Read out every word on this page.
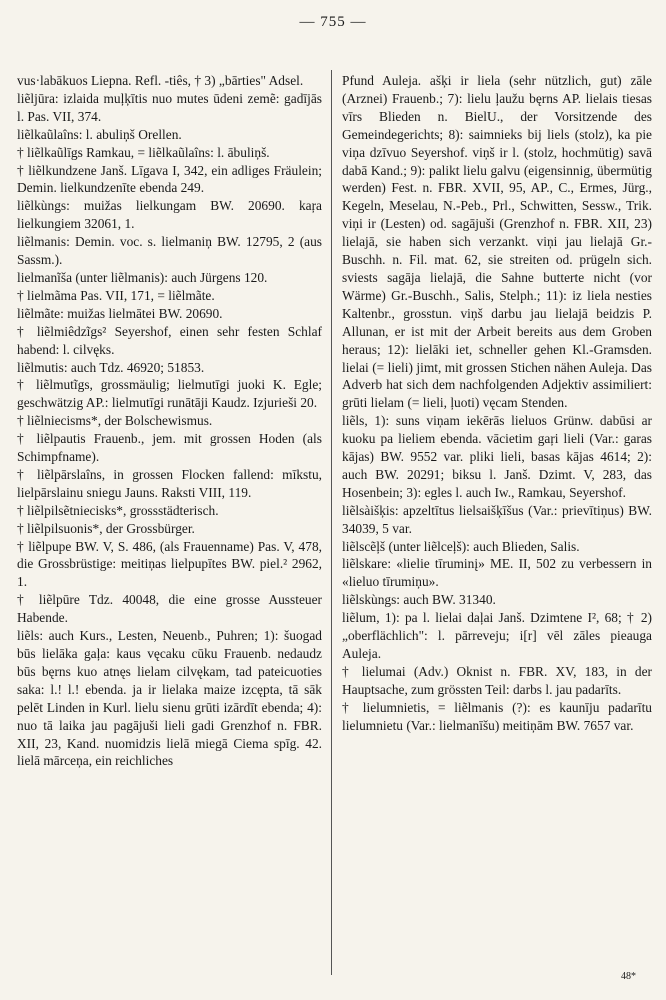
— 755 —

vus·labākuos Liepna. Refl. -tiês, † 3) „bārties" Adsel.

liẽljūra: izlaida muļķītis nuo mutes ūdeni zemẽ: gadījās l. Pas. VII, 374.

liẽlkaũlaîns: l. abuliņš Orellen.

† liẽlkaũlīgs Ramkau, = liẽlkaũlaîns: l. ābuliņš.

† liẽlkundzene Janš. Līgava I, 342, ein adliges Fräulein; Demin. lielkundzenīte ebenda 249.

liẽlkùngs: muižas lielkungam BW. 20690. kaŗa lielkungiem 32061, 1.

liẽlmanis: Demin. voc. s. lielmaniņ BW. 12795, 2 (aus Sassm.).

lielmanĩša (unter liẽlmanis): auch Jürgens 120.

† lielmãma Pas. VII, 171, = liẽlmãte.

liẽlmãte: muižas lielmātei BW. 20690.

† liẽlmiêdzĩgs² Seyershof, einen sehr festen Schlaf habend: l. cilvęks.

liẽlmutis: auch Tdz. 46920; 51853.

† liẽlmutĩgs, grossmäulig; lielmutīgi juoki K. Egle; geschwätzig AP.: lielmutīgi runātāji Kaudz. Izjurieši 20.

† liẽlniecisms*, der Bolschewismus.

† liẽlpautis Frauenb., jem. mit grossen Hoden (als Schimpfname).

† liẽlpārslaîns, in grossen Flocken fallend: mīkstu, lielpārslainu sniegu Jauns. Raksti VIII, 119.

† liẽlpilsẽtniecisks*, grossstädterisch.

† liẽlpilsuonis*, der Grossbürger.

† liẽlpupe BW. V, S. 486, (als Frauenname) Pas. V, 478, die Grossbrüstige: meitiņas lielpupītes BW. piel.² 2962, 1.

† liẽlpūre Tdz. 40048, die eine grosse Aussteuer Habende.

liẽls: auch Kurs., Lesten, Neuenb., Puhren; 1): šuogad būs lielāka gaļa: kaus vęcaku cūku Frauenb. nedaudz būs bęrns kuo atnęs lielam cilvękam, tad pateicuoties saka: l.! l.! ebenda. ja ir lielaka maize izcępta, tā sāk pelēt Linden in Kurl. lielu sienu grūti izārdīt ebenda; 4): nuo tā laika jau pagājuši lieli gadi Grenzhof n. FBR. XII, 23, Kand. nuomidzis lielā miegā Ciema spīg. 42. lielā mārceņa, ein reichliches

Pfund Auleja. ašķi ir liela (sehr nützlich, gut) zāle (Arznei) Frauenb.; 7): lielu ļaužu bęrns AP. lielais tiesas vīrs Blieden n. BielU., der Vorsitzende des Gemeindegerichts; 8): saimnieks bij liels (stolz), ka pie viņa dzīvuo Seyershof. viņš ir l. (stolz, hochmütig) savā dabā Kand.; 9): palikt lielu galvu (eigensinnig, übermütig werden) Fest. n. FBR. XVII, 95, AP., C., Ermes, Jürg., Kegeln, Meselau, N.-Peb., Prl., Schwitten, Sessw., Trik. viņi ir (Lesten) od. sagājuši (Grenzhof n. FBR. XII, 23) lielajā, sie haben sich verzankt. viņi jau lielajā Gr.-Buschh. n. Fil. mat. 62, sie streiten od. prügeln sich. sviests sagāja lielajā, die Sahne butterte nicht (vor Wärme) Gr.-Buschh., Salis, Stelph.; 11): iz liela nesties Kaltenbr., grosstun. viņš darbu jau lielajā beidzis P. Allunan, er ist mit der Arbeit bereits aus dem Groben heraus; 12): lielāki iet, schneller gehen Kl.-Gramsden. lielai (= lieli) jimt, mit grossen Stichen nähen Auleja. Das Adverb hat sich dem nachfolgenden Adjektiv assimiliert: grūti lielam (= lieli, ļuoti) vęcam Stenden.

liẽls, 1): suns viņam iekērās lieluos Grünw. dabūsi ar kuoku pa lieliem ebenda. vācietim gaŗi lieli (Var.: garas kājas) BW. 9552 var. pliki lieli, basas kājas 4614; 2): auch BW. 20291; biksu l. Janš. Dzimt. V, 283, das Hosenbein; 3): egles l. auch Iw., Ramkau, Seyershof.

liẽlsàišķis: apzeltītus lielsaišķīšus (Var.: prievītiņus) BW. 34039, 5 var.

liẽlscẽļš (unter liẽlceļš): auch Blieden, Salis.

liẽlskare: «lielie tīruminį» ME. II, 502 zu verbessern in «lieluo tīrumiņu».

liẽlskùngs: auch BW. 31340.

liẽlum, 1): pa l. lielai daļai Janš. Dzimtene I², 68; † 2) „oberflächlich": l. pārreveju; i[r] vēl zāles pieauga Auleja.

† lielumai (Adv.) Oknist n. FBR. XV, 183, in der Hauptsache, zum grössten Teil: darbs l. jau padarīts.

† lielumnietis, = liẽlmanis (?): es kaunīju padarītu lielumnietu (Var.: lielmanīšu) meitiņām BW. 7657 var.

48*
